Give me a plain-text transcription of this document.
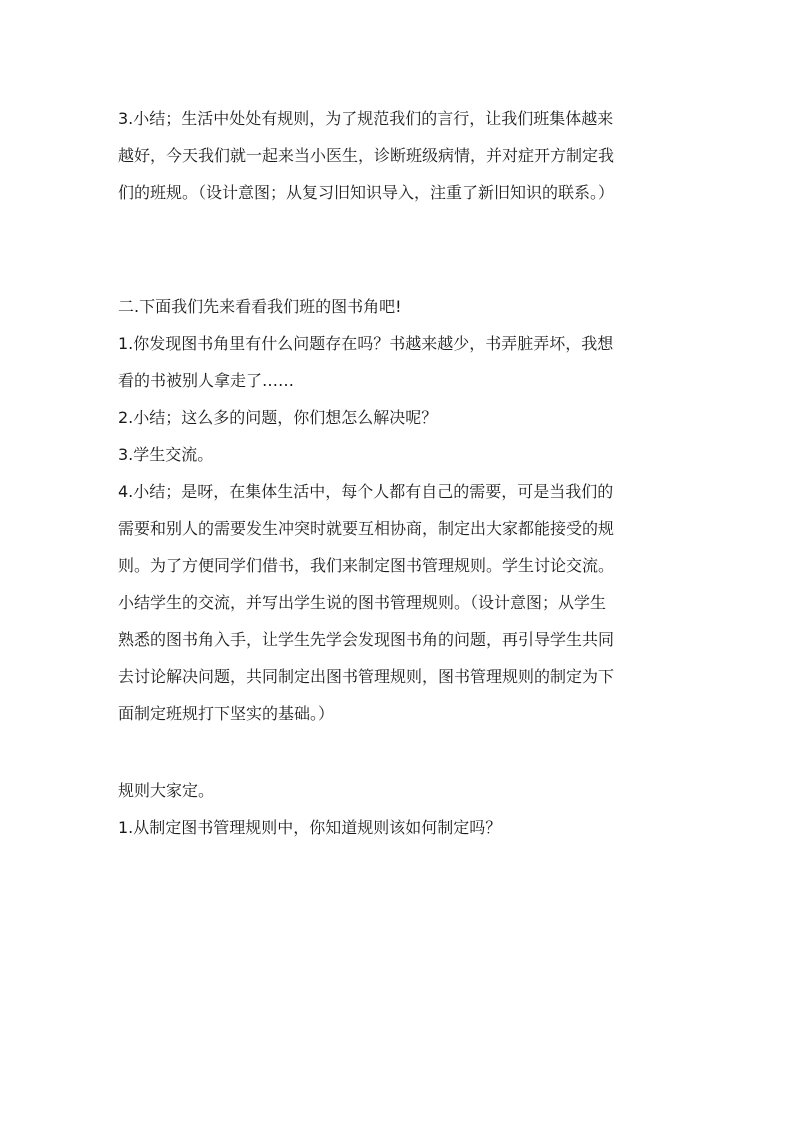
3.小结；生活中处处有规则，为了规范我们的言行，让我们班集体越来

越好，今天我们就一起来当小医生，诊断班级病情，并对症开方制定我

们的班规。（设计意图；从复习旧知识导入，注重了新旧知识的联系。）

二.下面我们先来看看我们班的图书角吧!

1.你发现图书角里有什么问题存在吗？书越来越少，书弄脏弄坏，我想

看的书被别人拿走了……

2.小结；这么多的问题，你们想怎么解决呢？

3.学生交流。

4.小结；是呀，在集体生活中，每个人都有自己的需要，可是当我们的

需要和别人的需要发生冲突时就要互相协商，制定出大家都能接受的规

则。为了方便同学们借书，我们来制定图书管理规则。学生讨论交流。

小结学生的交流，并写出学生说的图书管理规则。（设计意图；从学生

熟悉的图书角入手，让学生先学会发现图书角的问题，再引导学生共同

去讨论解决问题，共同制定出图书管理规则，图书管理规则的制定为下

面制定班规打下坚实的基础。）

规则大家定。

1.从制定图书管理规则中，你知道规则该如何制定吗？
